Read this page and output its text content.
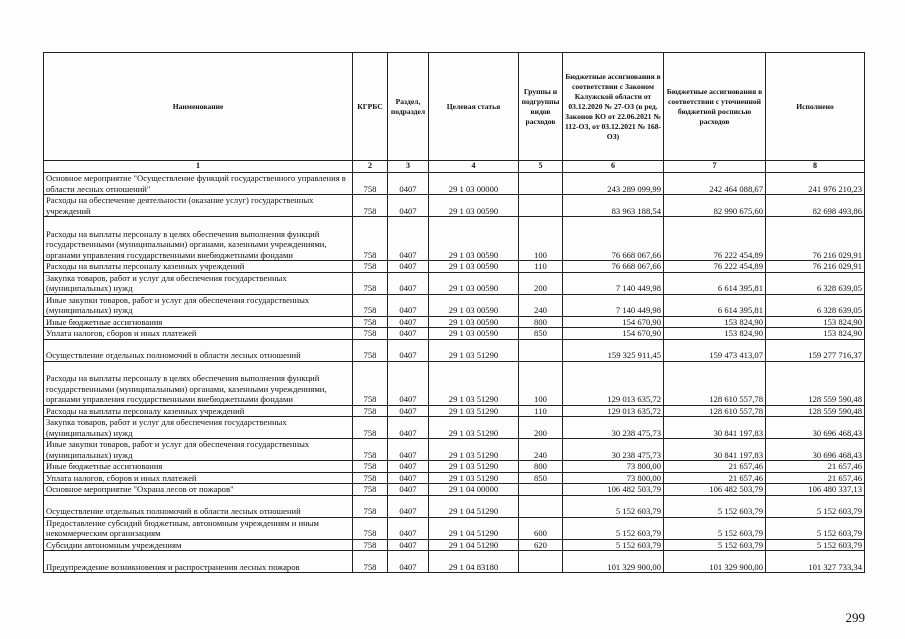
Наименование	КГРБС	Раздел, подраздел	Целевая статья	Группы и подгруппы видов расходов	Бюджетные ассигнования в соответствии с Законом Калужской области от 03.12.2020 № 27-ОЗ (в ред. Законов КО от 22.06.2021 № 112-ОЗ, от 03.12.2021 № 168-ОЗ)	Бюджетные ассигнования в соответствии с уточненной бюджетной росписью расходов	Исполнено
1	2	3	4	5	6	7	8
Основное мероприятие "Осуществление функций государственного управления в области лесных отношений"	758	0407	29 1 03 00000		243 289 099,99	242 464 088,67	241 976 210,23
Расходы на обеспечение деятельности (оказание услуг) государственных учреждений	758	0407	29 1 03 00590		83 963 188,54	82 990 675,60	82 698 493,86
Расходы на выплаты персоналу в целях обеспечения выполнения функций государственными (муниципальными) органами, казенными учреждениями, органами управления государственными внебюджетными фондами	758	0407	29 1 03 00590	100	76 668 067,66	76 222 454,89	76 216 029,91
Расходы на выплаты персоналу казенных учреждений	758	0407	29 1 03 00590	110	76 668 067,66	76 222 454,89	76 216 029,91
Закупка товаров, работ и услуг для обеспечения государственных (муниципальных) нужд	758	0407	29 1 03 00590	200	7 140 449,98	6 614 395,81	6 328 639,05
Иные закупки товаров, работ и услуг для обеспечения государственных (муниципальных) нужд	758	0407	29 1 03 00590	240	7 140 449,98	6 614 395,81	6 328 639,05
Иные бюджетные ассигнования	758	0407	29 1 03 00590	800	154 670,90	153 824,90	153 824,90
Уплата налогов, сборов и иных платежей	758	0407	29 1 03 00590	850	154 670,90	153 824,90	153 824,90
Осуществление отдельных полномочий в области лесных отношений	758	0407	29 1 03 51290		159 325 911,45	159 473 413,07	159 277 716,37
Расходы на выплаты персоналу в целях обеспечения выполнения функций государственными (муниципальными) органами, казенными учреждениями, органами управления государственными внебюджетными фондами	758	0407	29 1 03 51290	100	129 013 635,72	128 610 557,78	128 559 590,48
Расходы на выплаты персоналу казенных учреждений	758	0407	29 1 03 51290	110	129 013 635,72	128 610 557,78	128 559 590,48
Закупка товаров, работ и услуг для обеспечения государственных (муниципальных) нужд	758	0407	29 1 03 51290	200	30 238 475,73	30 841 197,83	30 696 468,43
Иные закупки товаров, работ и услуг для обеспечения государственных (муниципальных) нужд	758	0407	29 1 03 51290	240	30 238 475,73	30 841 197,83	30 696 468,43
Иные бюджетные ассигнования	758	0407	29 1 03 51290	800	73 800,00	21 657,46	21 657,46
Уплата налогов, сборов и иных платежей	758	0407	29 1 03 51290	850	73 800,00	21 657,46	21 657,46
Основное мероприятие "Охрана лесов от пожаров"	758	0407	29 1 04 00000		106 482 503,79	106 482 503,79	106 480 337,13
Осуществление отдельных полномочий в области лесных отношений	758	0407	29 1 04 51290		5 152 603,79	5 152 603,79	5 152 603,79
Предоставление субсидий бюджетным, автономным учреждениям и иным некоммерческим организациям	758	0407	29 1 04 51290	600	5 152 603,79	5 152 603,79	5 152 603,79
Субсидии автономным учреждениям	758	0407	29 1 04 51290	620	5 152 603,79	5 152 603,79	5 152 603,79
Предупреждение возникновения и распространения лесных пожаров	758	0407	29 1 04 83180		101 329 900,00	101 329 900,00	101 327 733,34
299
